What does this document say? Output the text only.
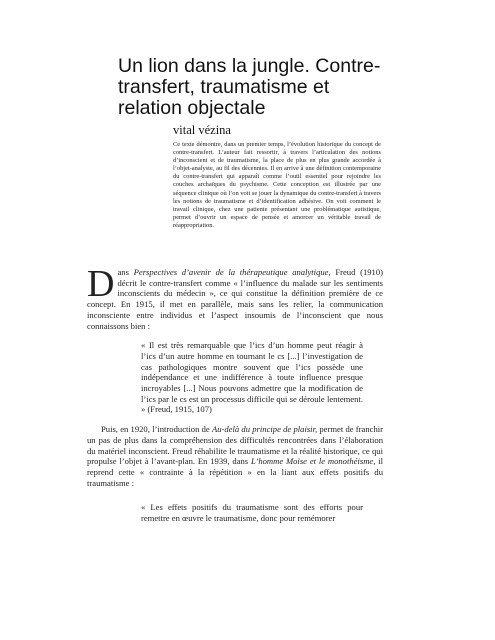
Un lion dans la jungle. Contre-transfert, traumatisme et relation objectale
vital vézina
Ce texte démontre, dans un premier temps, l’évolution historique du concept de contre-transfert. L’auteur fait ressortir, à travers l’articulation des notions d’inconscient et de traumatisme, la place de plus en plus grande accordée à l’objet-analyste, au fil des décennies. Il en arrive à une définition contemporaine du contre-transfert qui apparaît comme l’outil essentiel pour rejoindre les couches archaïques du psychisme. Cette conception est illustrée par une séquence clinique où l’on voit se jouer la dynamique du contre-transfert à travers les notions de traumatisme et d’identification adhésive. On voit comment le travail clinique, chez une patiente présentant une problématique autistique, permet d’ouvrir un espace de pensée et amorcer un véritable travail de réappropriation.

Dans Perspectives d’avenir de la thérapeutique analytique, Freud (1910) décrit le contre-transfert comme « l’influence du malade sur les sentiments inconscients du médecin », ce qui constitue la définition première de ce concept. En 1915, il met en parallèle, mais sans les relier, la communication inconsciente entre individus et l’aspect insoumis de l’inconscient que nous connaissons bien :

« Il est très remarquable que l’ics d’un homme peut réagir à l’ics d’un autre homme en tournant le cs [...] l’investigation de cas pathologiques montre souvent que l’ics possède une indépendance et une indifférence à toute influence presque incroyables [...] Nous pouvons admettre que la modification de l’ics par le cs est un processus difficile qui se déroule lentement. » (Freud, 1915, 107)

Puis, en 1920, l’introduction de Au-delà du principe de plaisir, permet de franchir un pas de plus dans la compréhension des difficultés rencontrées dans l’élaboration du matériel inconscient. Freud réhabilite le traumatisme et la réalité historique, ce qui propulse l’objet à l’avant-plan. En 1939, dans L’homme Moïse et le monothéisme, il reprend cette « contrainte à la répétition » en la liant aux effets positifs du traumatisme :

« Les effets positifs du traumatisme sont des efforts pour remettre en œuvre le traumatisme, donc pour remémorer
